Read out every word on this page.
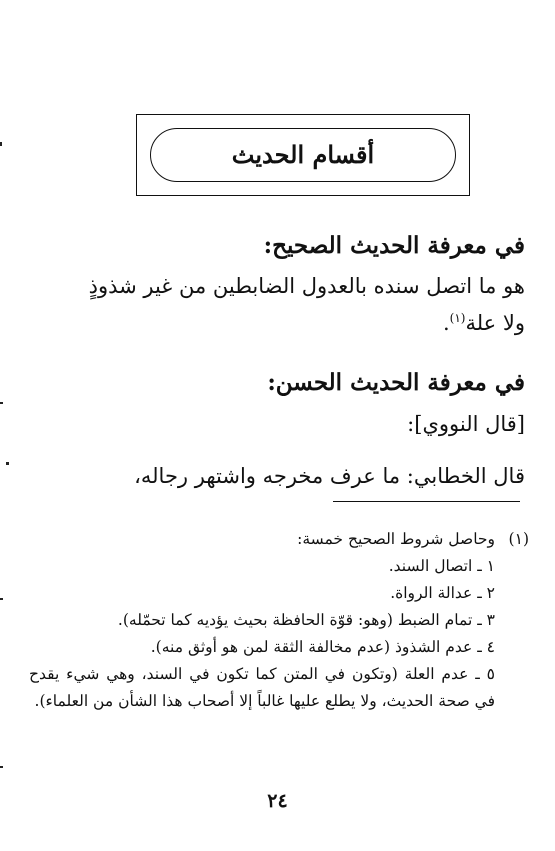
أقسام الحديث
في معرفة الحديث الصحيح:
هو ما اتصل سنده بالعدول الضابطين من غير شذوذٍ ولا علة$^{(١)}$.
في معرفة الحديث الحسن:
[قال النووي]:
قال الخطابي: ما عرف مخرجه واشتهر رجاله،
(١)
وحاصل شروط الصحيح خمسة:
١ ـ اتصال السند.
٢ ـ عدالة الرواة.
٣ ـ تمام الضبط (وهو: قوّة الحافظة بحيث يؤديه كما تحمّله).
٤ ـ عدم الشذوذ (عدم مخالفة الثقة لمن هو أوثق منه).
٥ ـ عدم العلة (وتكون في المتن كما تكون في السند، وهي شيء يقدح في صحة الحديث، ولا يطلع عليها غالباً إلا أصحاب هذا الشأن من العلماء).
٢٤
